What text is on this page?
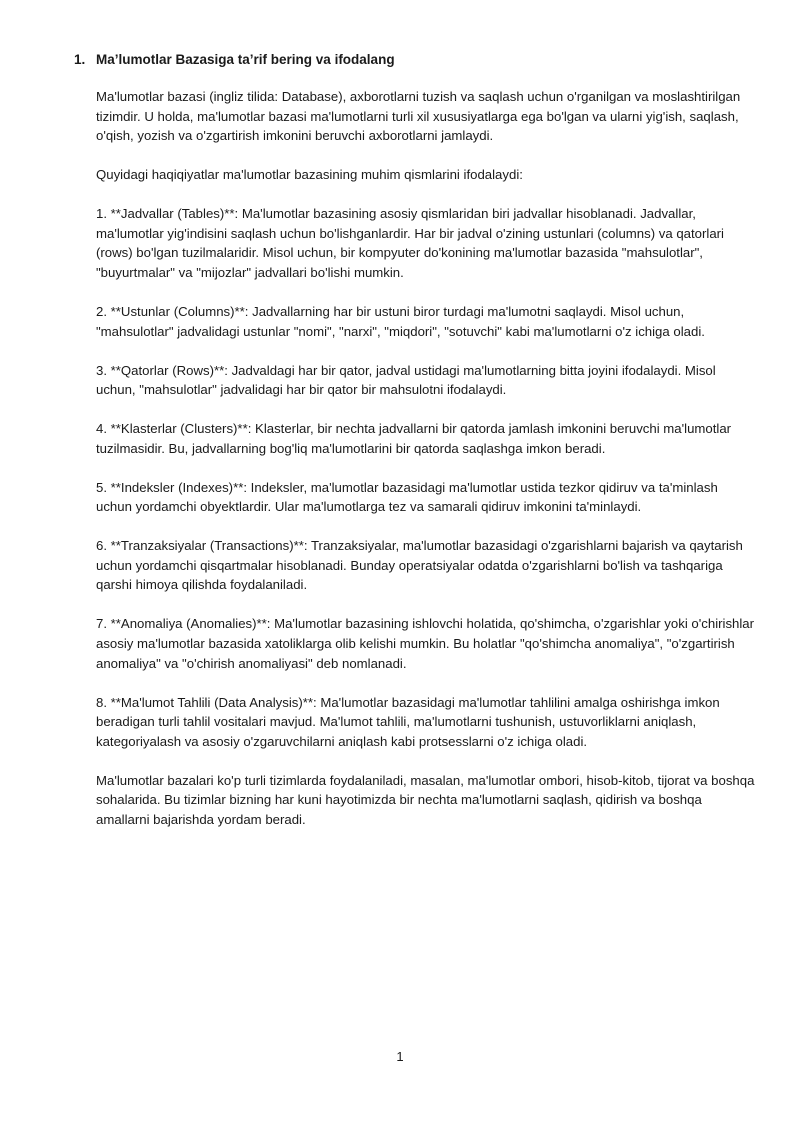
1. Ma’lumotlar Bazasiga ta’rif bering va ifodalang

Ma'lumotlar bazasi (ingliz tilida: Database), axborotlarni tuzish va saqlash uchun o'rganilgan va moslashtirilgan tizimdir. U holda, ma'lumotlar bazasi ma'lumotlarni turli xil xususiyatlarga ega bo'lgan va ularni yig'ish, saqlash, o'qish, yozish va o'zgartirish imkonini beruvchi axborotlarni jamlaydi.

Quyidagi haqiqiyatlar ma'lumotlar bazasining muhim qismlarini ifodalaydi:

1. **Jadvallar (Tables)**: Ma'lumotlar bazasining asosiy qismlaridan biri jadvallar hisoblanadi. Jadvallar, ma'lumotlar yig'indisini saqlash uchun bo'lishganlardir. Har bir jadval o'zining ustunlari (columns) va qatorlari (rows) bo'lgan tuzilmalaridir. Misol uchun, bir kompyuter do'konining ma'lumotlar bazasida "mahsulotlar", "buyurtmalar" va "mijozlar" jadvallari bo'lishi mumkin.

2. **Ustunlar (Columns)**: Jadvallarning har bir ustuni biror turdagi ma'lumotni saqlaydi. Misol uchun, "mahsulotlar" jadvalidagi ustunlar "nomi", "narxi", "miqdori", "sotuvchi" kabi ma'lumotlarni o'z ichiga oladi.

3. **Qatorlar (Rows)**: Jadvaldagi har bir qator, jadval ustidagi ma'lumotlarning bitta joyini ifodalaydi. Misol uchun, "mahsulotlar" jadvalidagi har bir qator bir mahsulotni ifodalaydi.

4. **Klasterlar (Clusters)**: Klasterlar, bir nechta jadvallarni bir qatorda jamlash imkonini beruvchi ma'lumotlar tuzilmasidir. Bu, jadvallarning bog'liq ma'lumotlarini bir qatorda saqlashga imkon beradi.

5. **Indeksler (Indexes)**: Indeksler, ma'lumotlar bazasidagi ma'lumotlar ustida tezkor qidiruv va ta'minlash uchun yordamchi obyektlardir. Ular ma'lumotlarga tez va samarali qidiruv imkonini ta'minlaydi.

6. **Tranzaksiyalar (Transactions)**: Tranzaksiyalar, ma'lumotlar bazasidagi o'zgarishlarni bajarish va qaytarish uchun yordamchi qisqartmalar hisoblanadi. Bunday operatsiyalar odatda o'zgarishlarni bo'lish va tashqariga qarshi himoya qilishda foydalaniladi.

7. **Anomaliya (Anomalies)**: Ma'lumotlar bazasining ishlovchi holatida, qo'shimcha, o'zgarishlar yoki o'chirishlar asosiy ma'lumotlar bazasida xatoliklarga olib kelishi mumkin. Bu holatlar "qo'shimcha anomaliya", "o'zgartirish anomaliya" va "o'chirish anomaliyasi" deb nomlanadi.

8. **Ma'lumot Tahlili (Data Analysis)**: Ma'lumotlar bazasidagi ma'lumotlar tahlilini amalga oshirishga imkon beradigan turli tahlil vositalari mavjud. Ma'lumot tahlili, ma'lumotlarni tushunish, ustuvorliklarni aniqlash, kategoriyalash va asosiy o'zgaruvchilarni aniqlash kabi protsesslarni o'z ichiga oladi.

Ma'lumotlar bazalari ko'p turli tizimlarda foydalaniladi, masalan, ma'lumotlar ombori, hisob-kitob, tijorat va boshqa sohalarida. Bu tizimlar bizning har kuni hayotimizda bir nechta ma'lumotlarni saqlash, qidirish va boshqa amallarni bajarishda yordam beradi.

1
